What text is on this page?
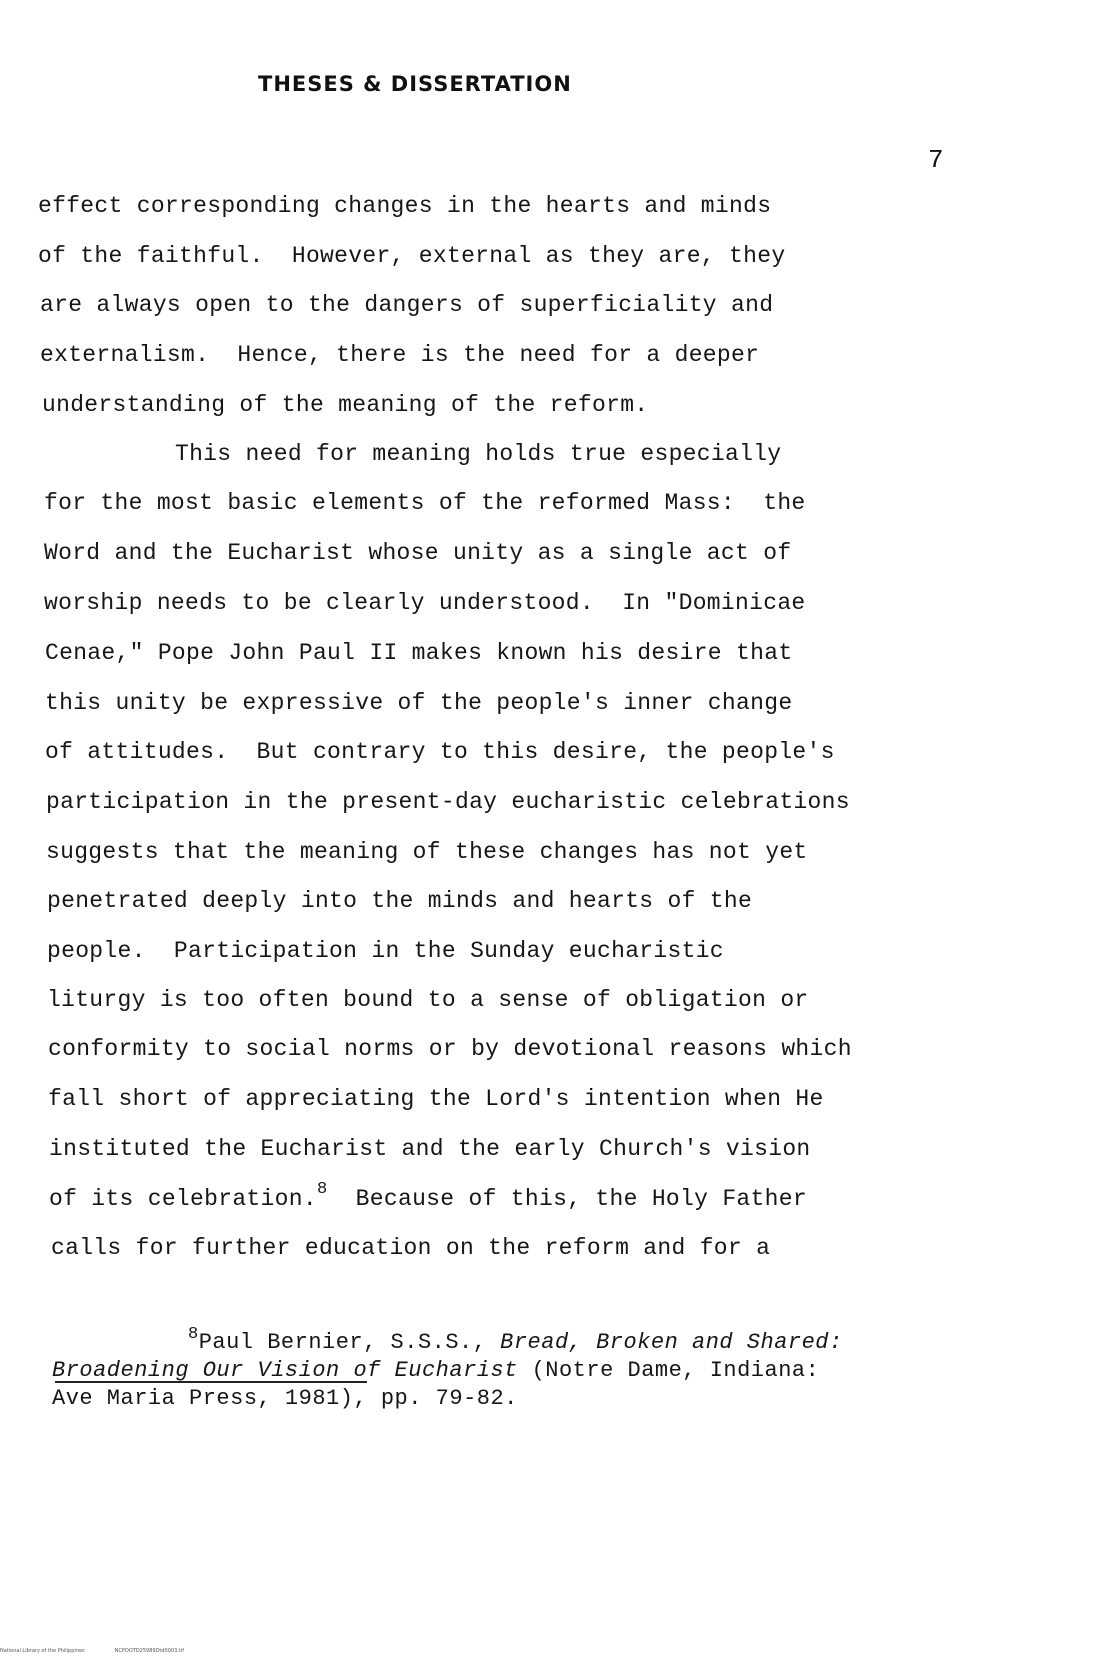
THESES & DISSERTATION
7
effect corresponding changes in the hearts and minds
of the faithful.  However, external as they are, they
are always open to the dangers of superficiality and
externalism.  Hence, there is the need for a deeper
understanding of the meaning of the reform.
This need for meaning holds true especially
for the most basic elements of the reformed Mass:  the
Word and the Eucharist whose unity as a single act of
worship needs to be clearly understood.  In "Dominicae
Cenae," Pope John Paul II makes known his desire that
this unity be expressive of the people's inner change
of attitudes.  But contrary to this desire, the people's
participation in the present-day eucharistic celebrations
suggests that the meaning of these changes has not yet
penetrated deeply into the minds and hearts of the
people.  Participation in the Sunday eucharistic
liturgy is too often bound to a sense of obligation or
conformity to social norms or by devotional reasons which
fall short of appreciating the Lord's intention when He
instituted the Eucharist and the early Church's vision
of its celebration.$^8$  Because of this, the Holy Father
calls for further education on the reform and for a
$^8$Paul Bernier, S.S.S., Bread, Broken and Shared:
Broadening Our Vision of Eucharist (Notre Dame, Indiana:
Ave Maria Press, 1981), pp. 79-82.
National Library of the Philippines	NCPOOTD25989Dtd0003.tif
